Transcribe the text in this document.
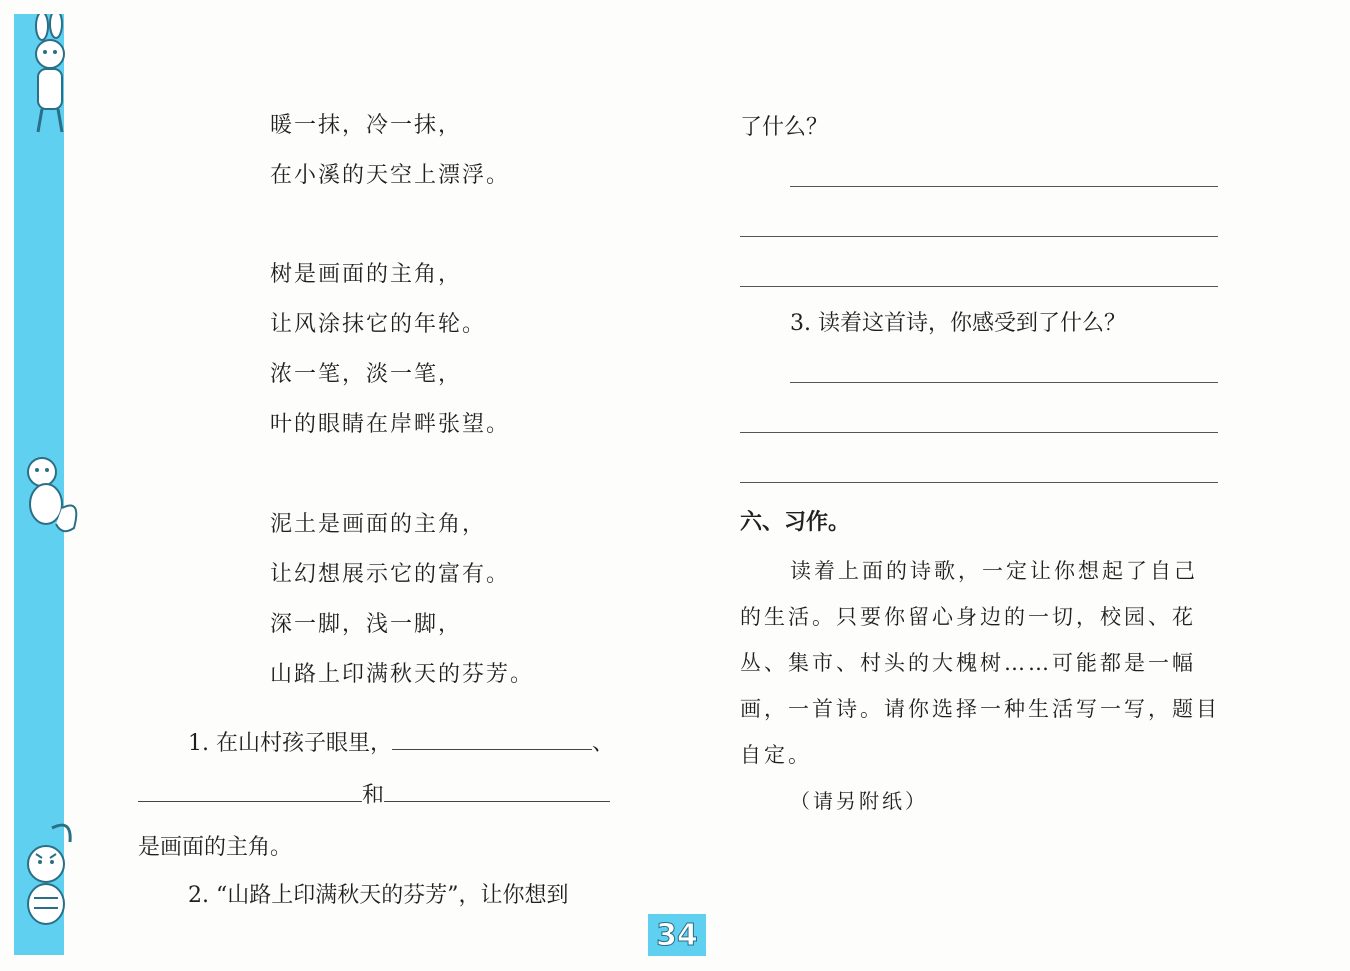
暖一抹，冷一抹，
在小溪的天空上漂浮。
树是画面的主角，
让风涂抹它的年轮。
浓一笔，淡一笔，
叶的眼睛在岸畔张望。
泥土是画面的主角，
让幻想展示它的富有。
深一脚，浅一脚，
山路上印满秋天的芬芳。
1. 在山村孩子眼里，	、
和
是画面的主角。
2. “山路上印满秋天的芬芳”，让你想到
了什么？
3. 读着这首诗，你感受到了什么？
六、习作。
读着上面的诗歌，一定让你想起了自己
的生活。只要你留心身边的一切，校园、花
丛、集市、村头的大槐树……可能都是一幅
画，一首诗。请你选择一种生活写一写，题目
自定。
（请另附纸）
34
